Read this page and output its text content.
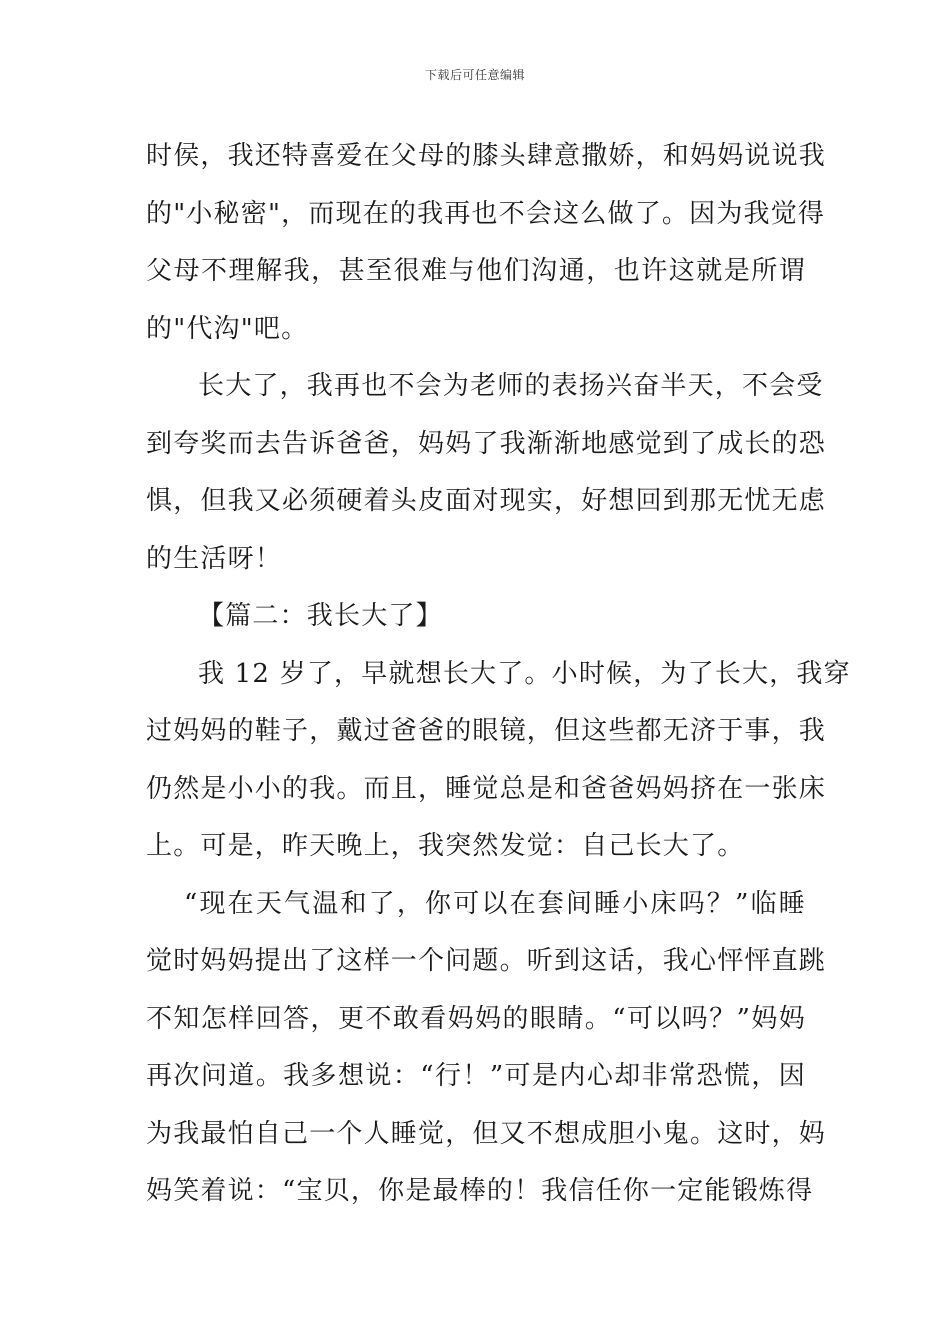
下载后可任意编辑
时侯，我还特喜爱在父母的膝头肆意撒娇，和妈妈说说我
的"小秘密"，而现在的我再也不会这么做了。因为我觉得
父母不理解我，甚至很难与他们沟通，也许这就是所谓
的"代沟"吧。
长大了，我再也不会为老师的表扬兴奋半天，不会受
到夸奖而去告诉爸爸，妈妈了我渐渐地感觉到了成长的恐
惧，但我又必须硬着头皮面对现实，好想回到那无忧无虑
的生活呀！
【篇二：我长大了】
我 12 岁了，早就想长大了。小时候，为了长大，我穿
过妈妈的鞋子，戴过爸爸的眼镜，但这些都无济于事，我
仍然是小小的我。而且，睡觉总是和爸爸妈妈挤在一张床
上。可是，昨天晚上，我突然发觉：自己长大了。
“现在天气温和了，你可以在套间睡小床吗？”临睡
觉时妈妈提出了这样一个问题。听到这话，我心怦怦直跳
不知怎样回答，更不敢看妈妈的眼睛。“可以吗？”妈妈
再次问道。我多想说：“行！”可是内心却非常恐慌，因
为我最怕自己一个人睡觉，但又不想成胆小鬼。这时，妈
妈笑着说：“宝贝，你是最棒的！我信任你一定能锻炼得
